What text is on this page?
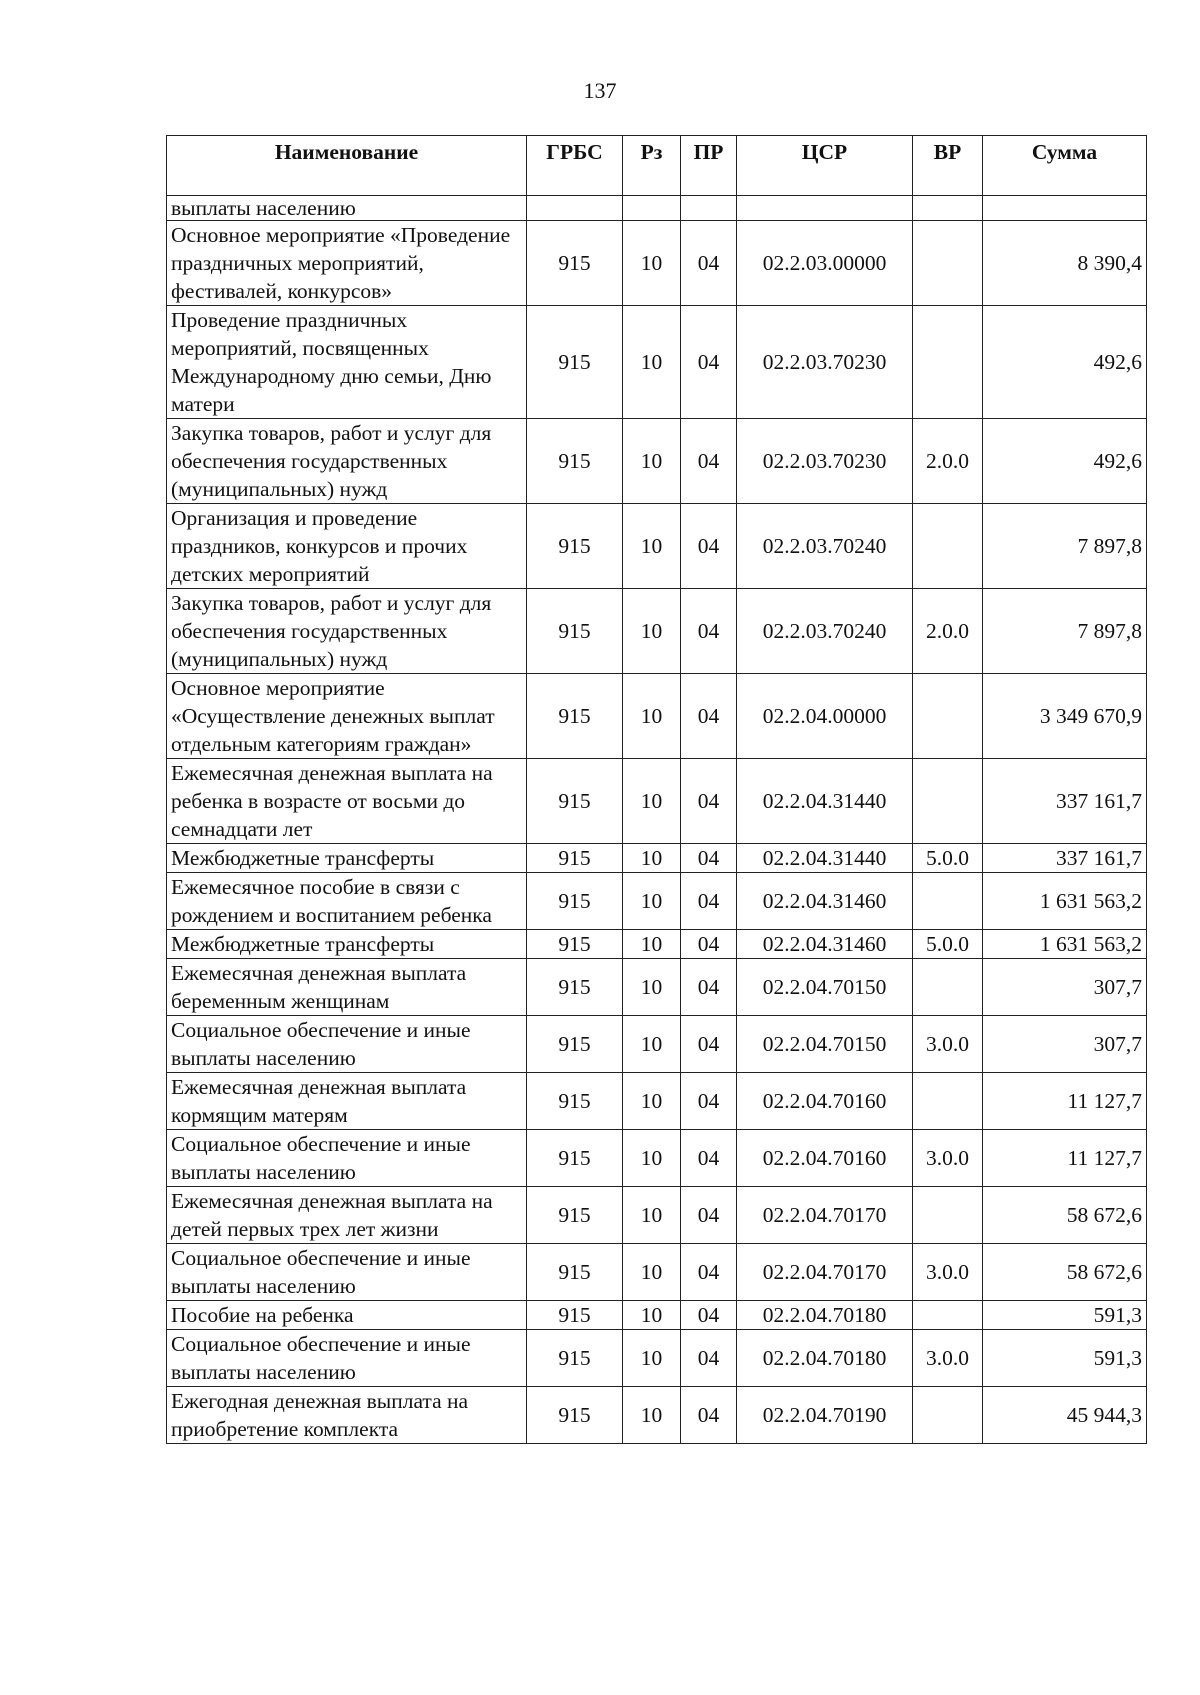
137
Наименование	ГРБС	Рз	ПР	ЦСР	ВР	Сумма
выплаты населению						
Основное мероприятие «Проведение праздничных мероприятий, фестивалей, конкурсов»	915	10	04	02.2.03.00000		8 390,4
Проведение праздничных мероприятий, посвященных Международному дню семьи, Дню матери	915	10	04	02.2.03.70230		492,6
Закупка товаров, работ и услуг для обеспечения государственных (муниципальных) нужд	915	10	04	02.2.03.70230	2.0.0	492,6
Организация и проведение праздников, конкурсов и прочих детских мероприятий	915	10	04	02.2.03.70240		7 897,8
Закупка товаров, работ и услуг для обеспечения государственных (муниципальных) нужд	915	10	04	02.2.03.70240	2.0.0	7 897,8
Основное мероприятие «Осуществление денежных выплат отдельным категориям граждан»	915	10	04	02.2.04.00000		3 349 670,9
Ежемесячная денежная выплата на ребенка в возрасте от восьми до семнадцати лет	915	10	04	02.2.04.31440		337 161,7
Межбюджетные трансферты	915	10	04	02.2.04.31440	5.0.0	337 161,7
Ежемесячное пособие в связи с рождением и воспитанием ребенка	915	10	04	02.2.04.31460		1 631 563,2
Межбюджетные трансферты	915	10	04	02.2.04.31460	5.0.0	1 631 563,2
Ежемесячная денежная выплата беременным женщинам	915	10	04	02.2.04.70150		307,7
Социальное обеспечение и иные выплаты населению	915	10	04	02.2.04.70150	3.0.0	307,7
Ежемесячная денежная выплата кормящим матерям	915	10	04	02.2.04.70160		11 127,7
Социальное обеспечение и иные выплаты населению	915	10	04	02.2.04.70160	3.0.0	11 127,7
Ежемесячная денежная выплата на детей первых трех лет жизни	915	10	04	02.2.04.70170		58 672,6
Социальное обеспечение и иные выплаты населению	915	10	04	02.2.04.70170	3.0.0	58 672,6
Пособие на ребенка	915	10	04	02.2.04.70180		591,3
Социальное обеспечение и иные выплаты населению	915	10	04	02.2.04.70180	3.0.0	591,3
Ежегодная денежная выплата на приобретение комплекта	915	10	04	02.2.04.70190		45 944,3
